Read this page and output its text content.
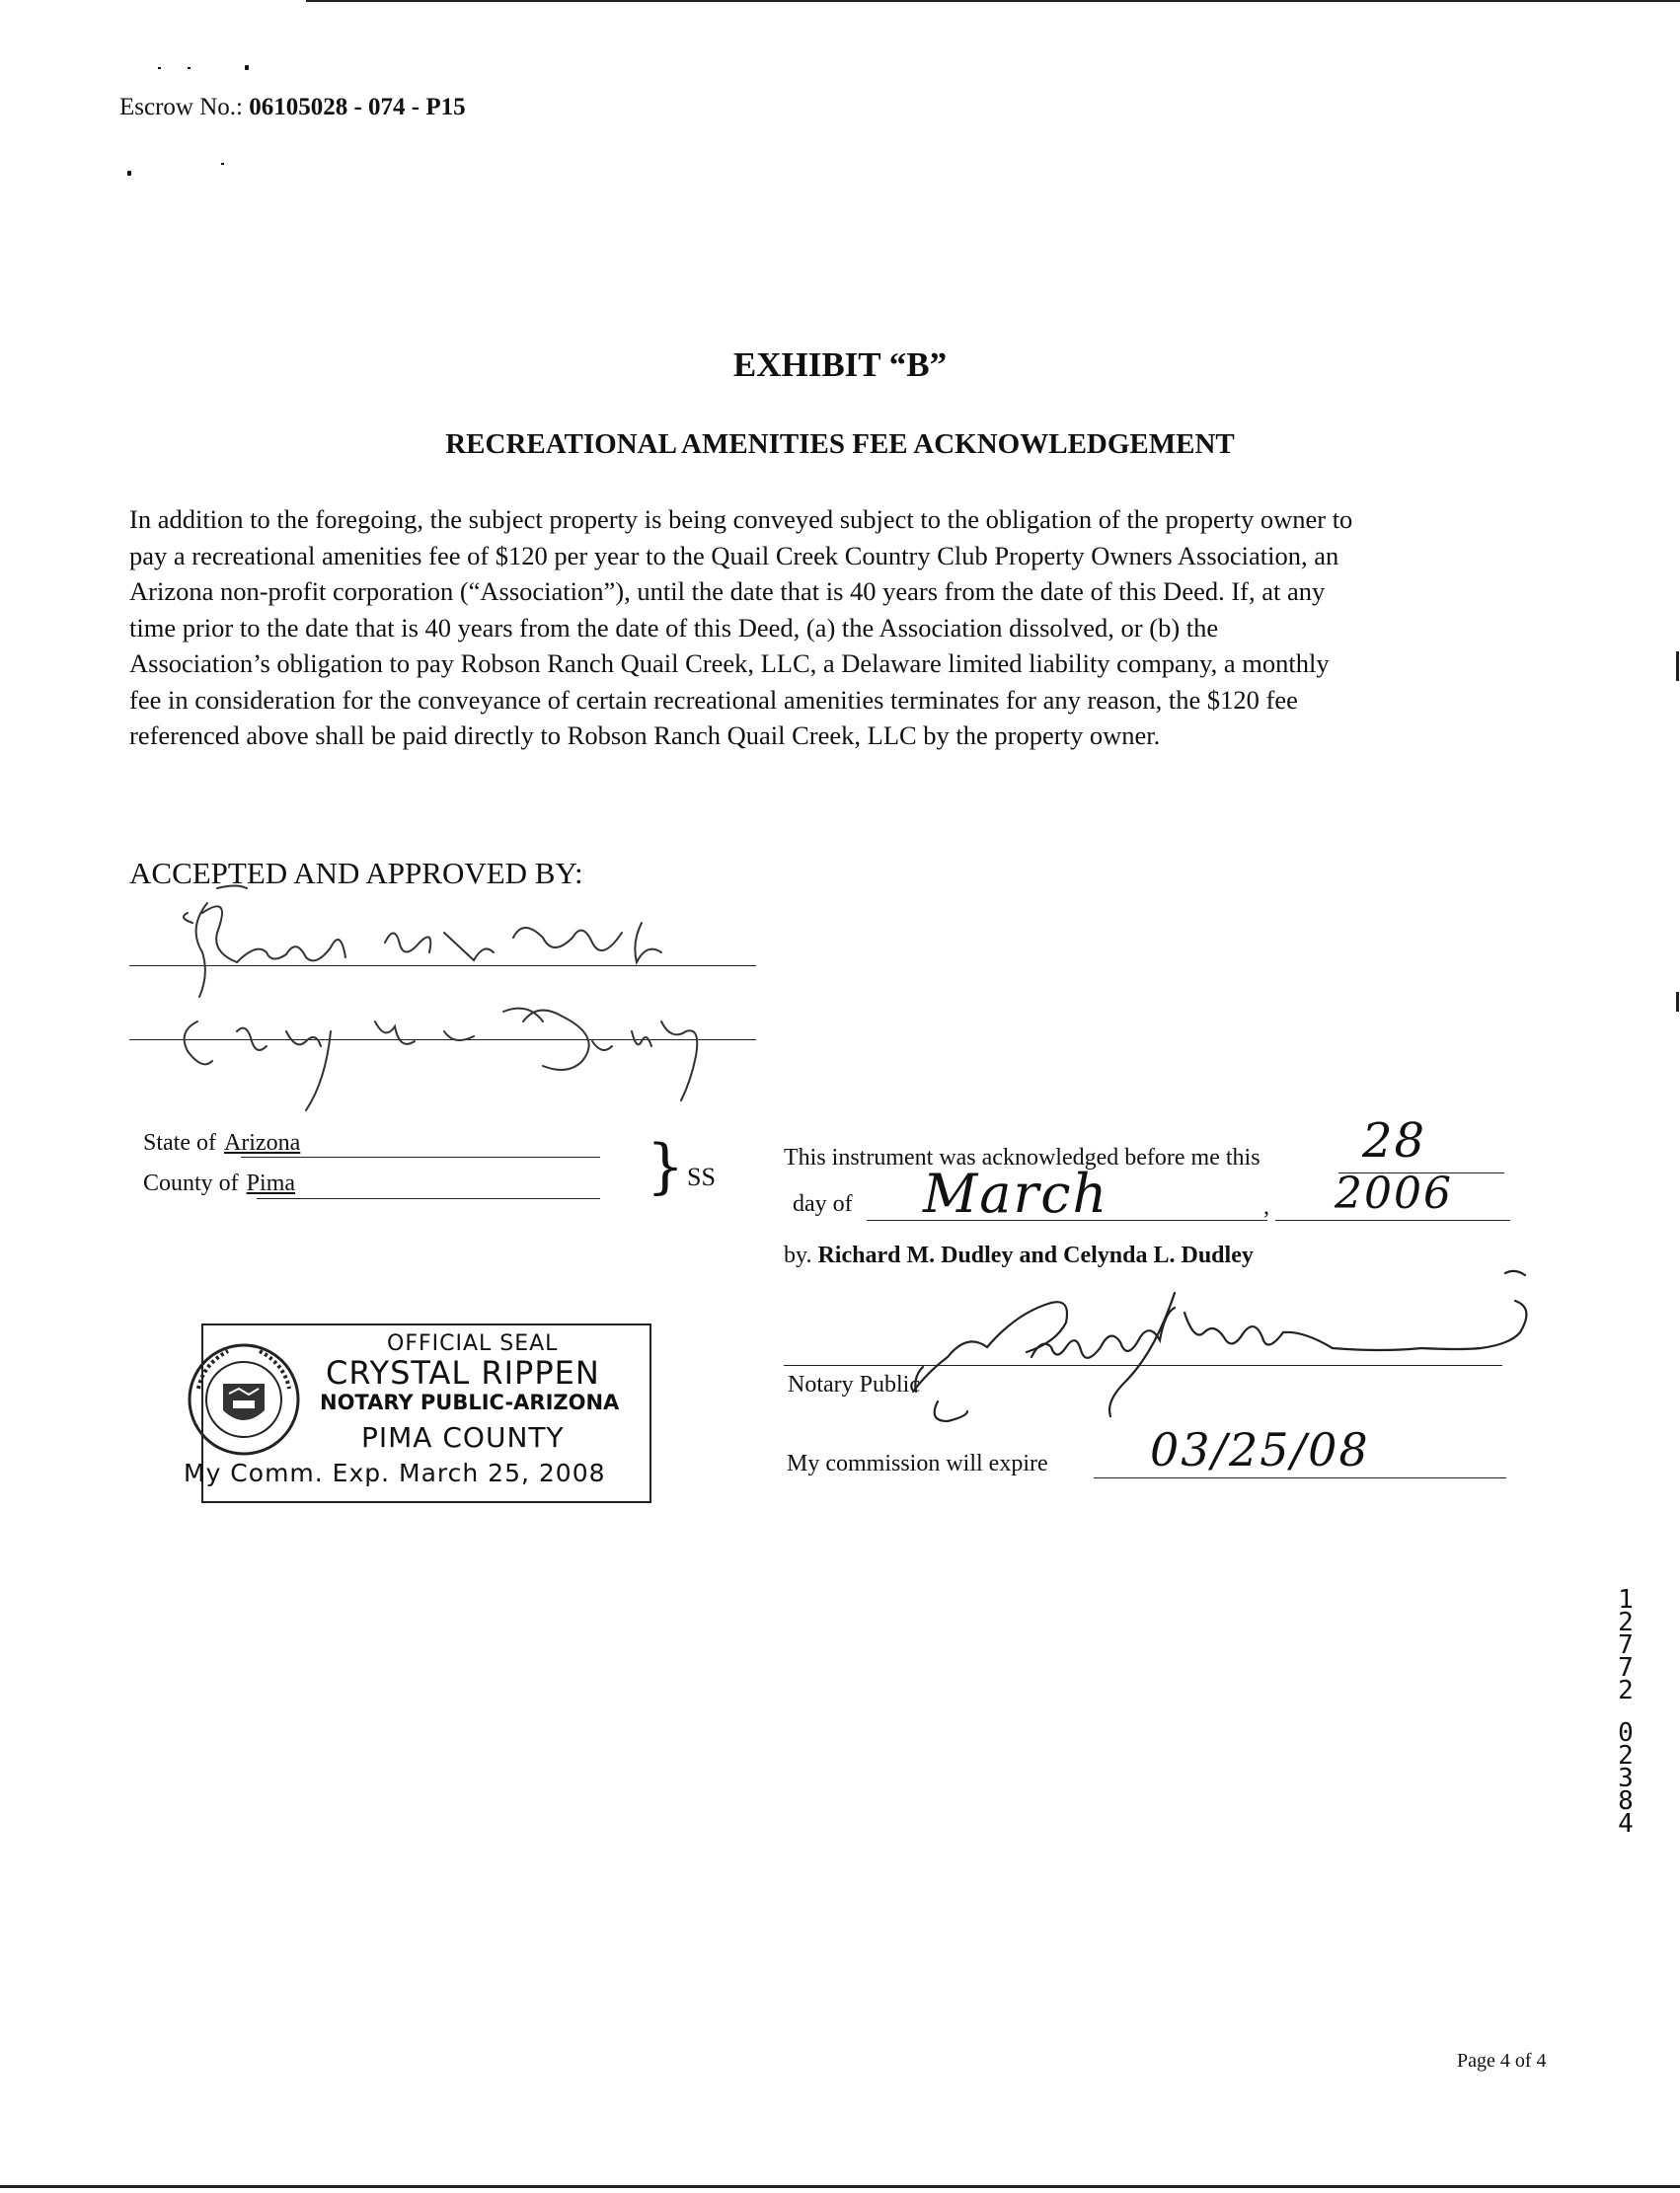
Escrow No.: 06105028 - 074 - P15
EXHIBIT “B”
RECREATIONAL AMENITIES FEE ACKNOWLEDGEMENT
In addition to the foregoing, the subject property is being conveyed subject to the obligation of the property owner to
pay a recreational amenities fee of $120 per year to the Quail Creek Country Club Property Owners Association, an
Arizona non-profit corporation (“Association”), until the date that is 40 years from the date of this Deed. If, at any
time prior to the date that is 40 years from the date of this Deed, (a) the Association dissolved, or (b) the
Association’s obligation to pay Robson Ranch Quail Creek, LLC, a Delaware limited liability company, a monthly
fee in consideration for the conveyance of certain recreational amenities terminates for any reason, the $120 fee
referenced above shall be paid directly to Robson Ranch Quail Creek, LLC by the property owner.
ACCEPTED AND APPROVED BY:
State of Arizona
County of Pima	} SS
This instrument was acknowledged before me this 28
day of March	, 2006
by. Richard M. Dudley and Celynda L. Dudley
Notary Public
My commission will expire 03/25/08
OFFICIAL SEAL
CRYSTAL RIPPEN
NOTARY PUBLIC-ARIZONA
PIMA COUNTY
My Comm. Exp. March 25, 2008
1
2
7
7
2
0
2
3
8
4
Page 4 of 4
